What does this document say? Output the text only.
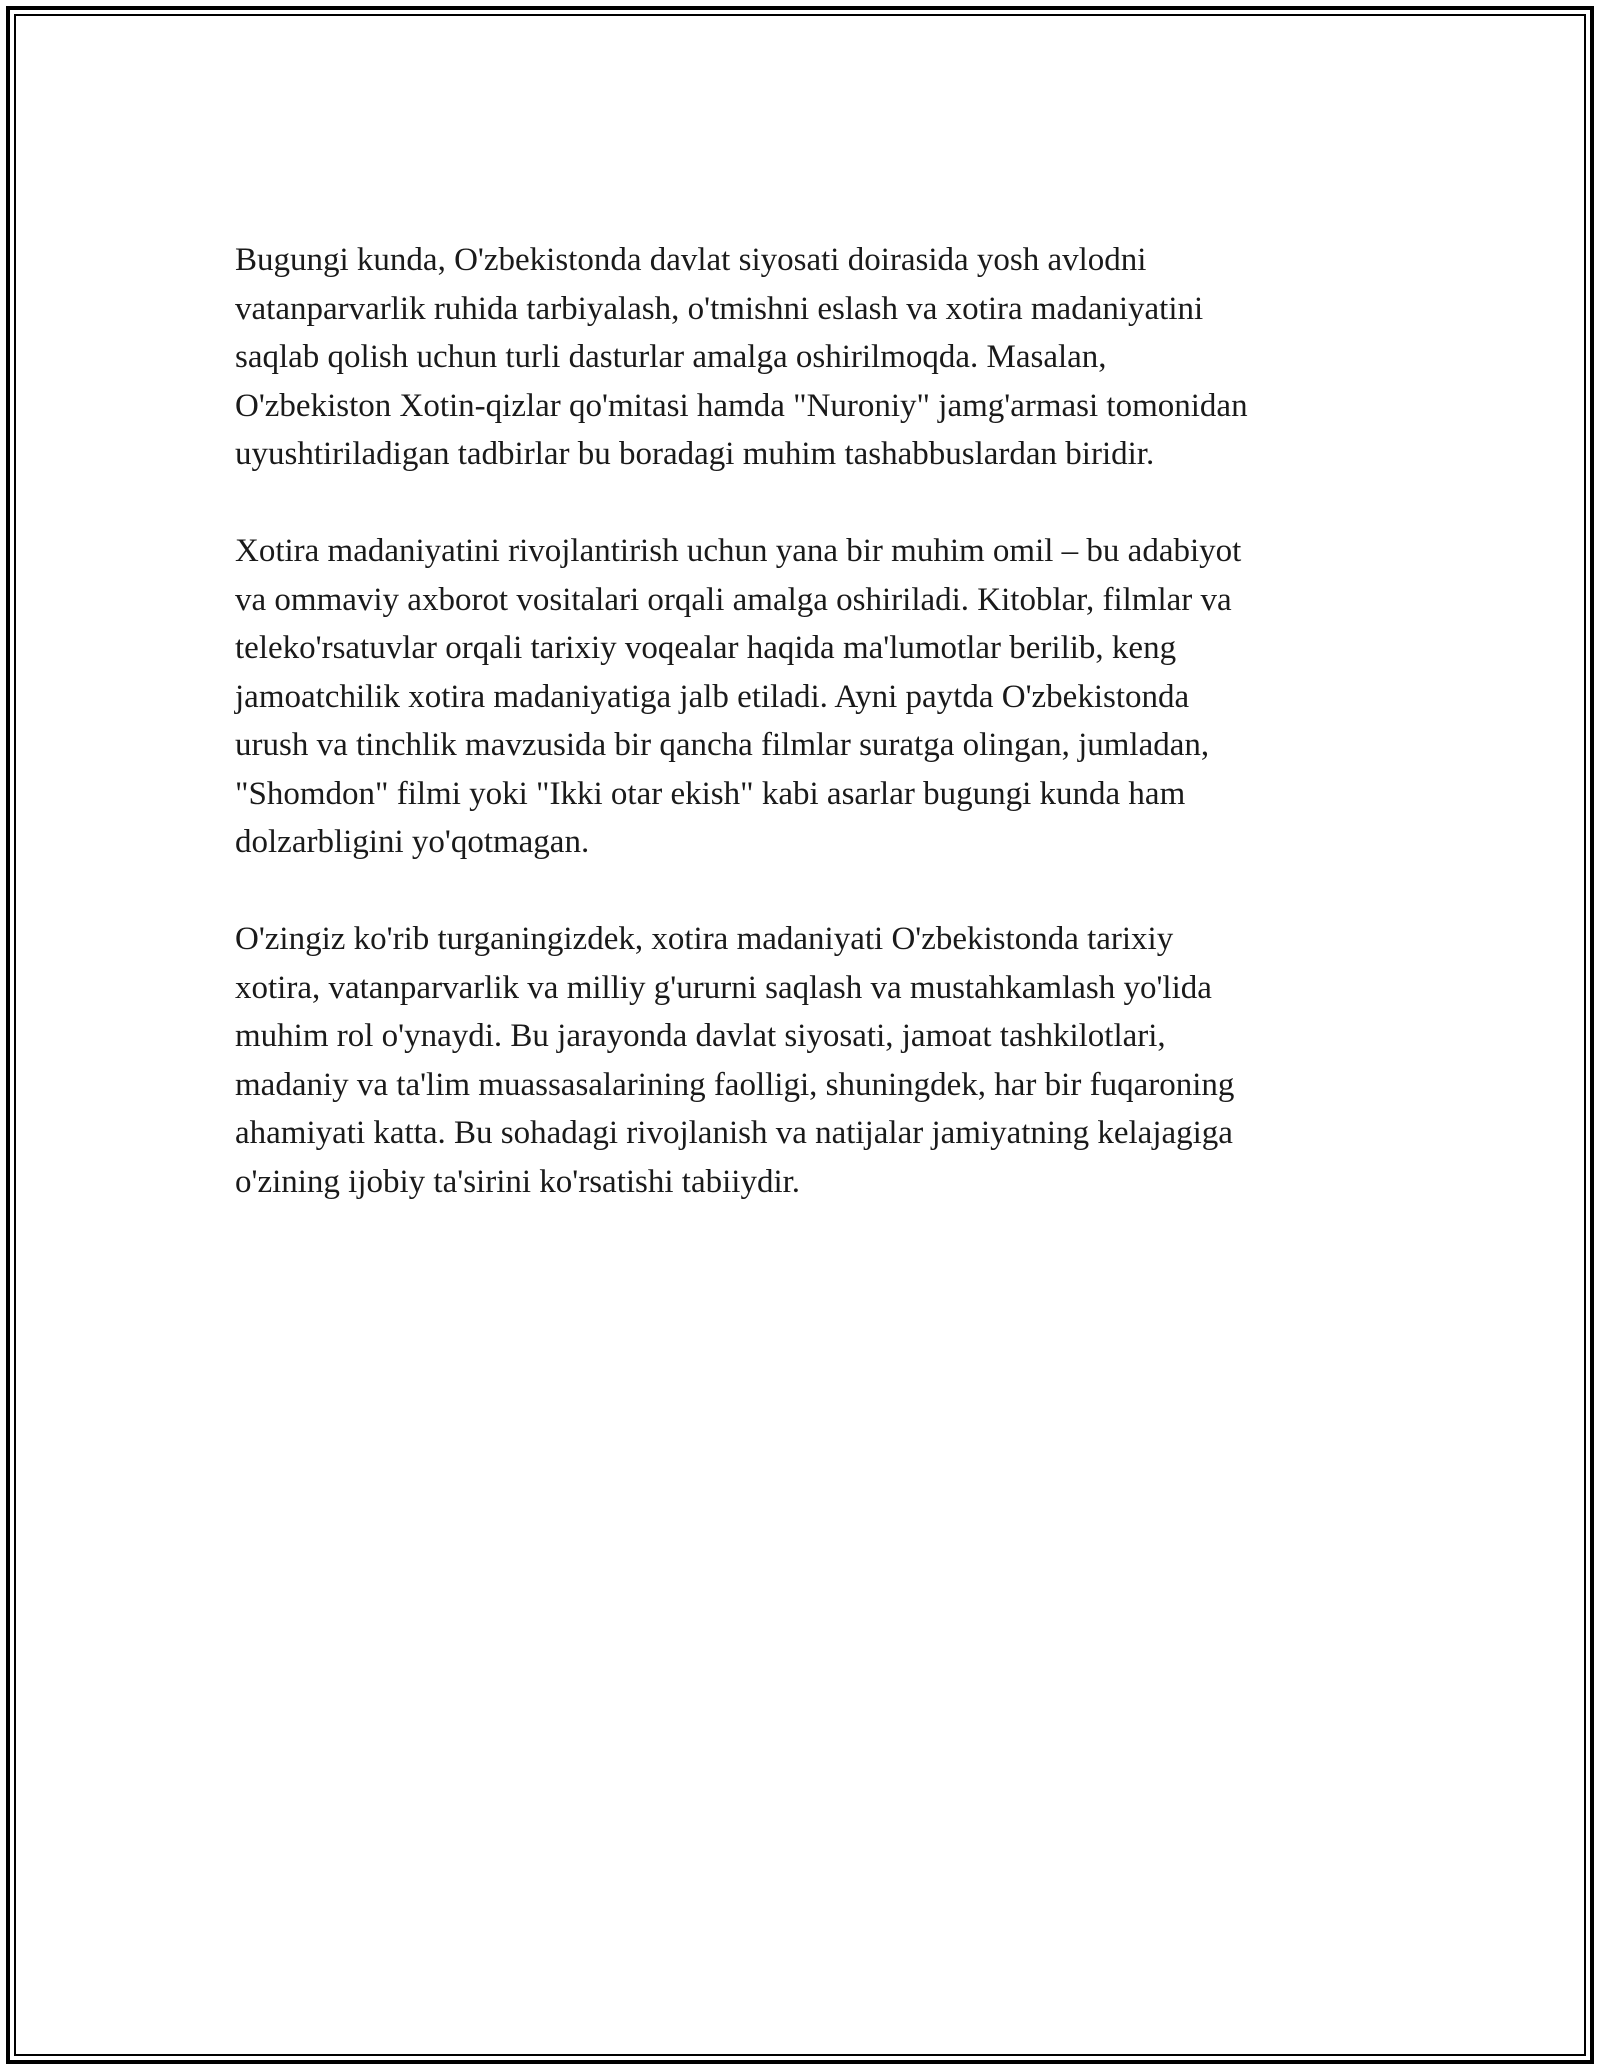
Bugungi kunda, O'zbekistonda davlat siyosati doirasida yosh avlodni
vatanparvarlik ruhida tarbiyalash, o'tmishni eslash va xotira madaniyatini
saqlab qolish uchun turli dasturlar amalga oshirilmoqda. Masalan,
O'zbekiston Xotin-qizlar qo'mitasi hamda "Nuroniy" jamg'armasi tomonidan
uyushtiriladigan tadbirlar bu boradagi muhim tashabbuslardan biridir.

Xotira madaniyatini rivojlantirish uchun yana bir muhim omil – bu adabiyot
va ommaviy axborot vositalari orqali amalga oshiriladi. Kitoblar, filmlar va
teleko'rsatuvlar orqali tarixiy voqealar haqida ma'lumotlar berilib, keng
jamoatchilik xotira madaniyatiga jalb etiladi. Ayni paytda O'zbekistonda
urush va tinchlik mavzusida bir qancha filmlar suratga olingan, jumladan,
"Shomdon" filmi yoki "Ikki otar ekish" kabi asarlar bugungi kunda ham
dolzarbligini yo'qotmagan.

O'zingiz ko'rib turganingizdek, xotira madaniyati O'zbekistonda tarixiy
xotira, vatanparvarlik va milliy g'ururni saqlash va mustahkamlash yo'lida
muhim rol o'ynaydi. Bu jarayonda davlat siyosati, jamoat tashkilotlari,
madaniy va ta'lim muassasalarining faolligi, shuningdek, har bir fuqaroning
ahamiyati katta. Bu sohadagi rivojlanish va natijalar jamiyatning kelajagiga
o'zining ijobiy ta'sirini ko'rsatishi tabiiydir.
